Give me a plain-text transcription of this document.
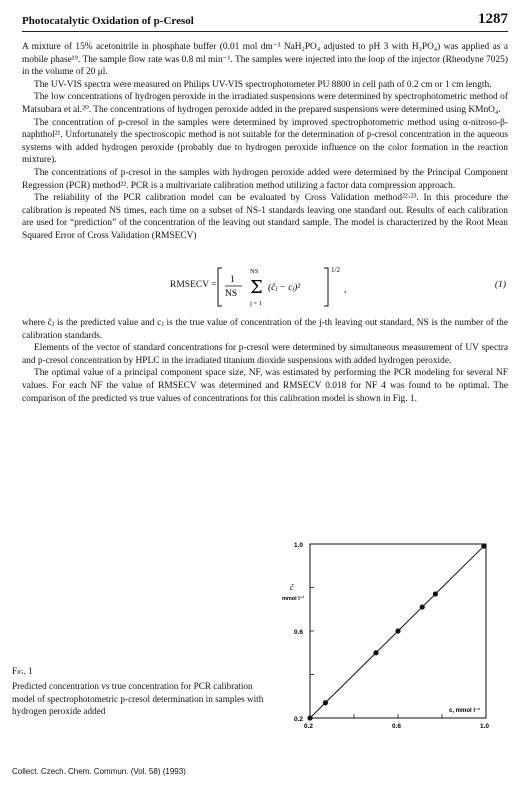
Photocatalytic Oxidation of p-Cresol	1287

A mixture of 15% acetonitrile in phosphate buffer (0.01 mol dm⁻³ NaH₂PO₄ adjusted to pH 3 with H₃PO₄) was applied as a mobile phase¹⁹. The sample flow rate was 0.8 ml min⁻¹. The samples were injected into the loop of the injector (Rheodyne 7025) in the volume of 20 μl.

The UV-VIS spectra were measured on Philips UV-VIS spectrophotometer PU 8800 in cell path of 0.2 cm or 1 cm length.

The low concentrations of hydrogen peroxide in the irradiated suspensions were determined by spectrophotometric method of Matsubara et al.²⁰. The concentrations of hydrogen peroxide added in the prepared suspensions were determined using KMnO₄.

The concentration of p-cresol in the samples were determined by improved spectrophotometric method using α-nitroso-β-naphthol²¹. Unfortunately the spectroscopic method is not suitable for the determination of p-cresol concentration in the aqueous systems with added hydrogen peroxide (probably due to hydrogen peroxide influence on the color formation in the reaction mixture).

The concentrations of p-cresol in the samples with hydrogen peroxide added were determined by the Principal Component Regression (PCR) method²². PCR is a multivariate calibration method utilizing a factor data compression approach.

The reliability of the PCR calibration model can be evaluated by Cross Validation method²²·²³. In this procedure the calibration is repeated NS times, each time on a subset of NS-1 standards leaving one standard out. Results of each calibration are used for “prediction” of the concentration of the leaving out standard sample. The model is characterized by the Root Mean Squared Error of Cross Validation (RMSECV)

RMSECV = 1
NS
NS
Σ
j = 1
(ĉⱼ − cⱼ)²
1/2
,	(1)

where ĉⱼ is the predicted value and cⱼ is the true value of concentration of the j-th leaving out standard, NS is the number of the calibration standards.

Elements of the vector of standard concentrations for p-cresol were determined by simultaneous measurement of UV spectra and p-cresol concentration by HPLC in the irradiated titanium dioxide suspensions with added hydrogen peroxide.

The optimal value of a principal component space size, NF, was estimated by performing the PCR modeling for several NF values. For each NF the value of RMSECV was determined and RMSECV 0.018 for NF 4 was found to be optimal. The comparison of the predicted vs true values of concentrations for this calibration model is shown in Fig. 1.

0.2	0.6	1.0
0.2
0.6
1.0
ĉ
mmol l⁻¹
c, mmol l⁻¹
Fig. 1
Predicted concentration vs true concentration for PCR calibration model of spectrophotometric p-cresol determination in samples with hydrogen peroxide added
Collect. Czech. Chem. Commun. (Vol. 58) (1993)
